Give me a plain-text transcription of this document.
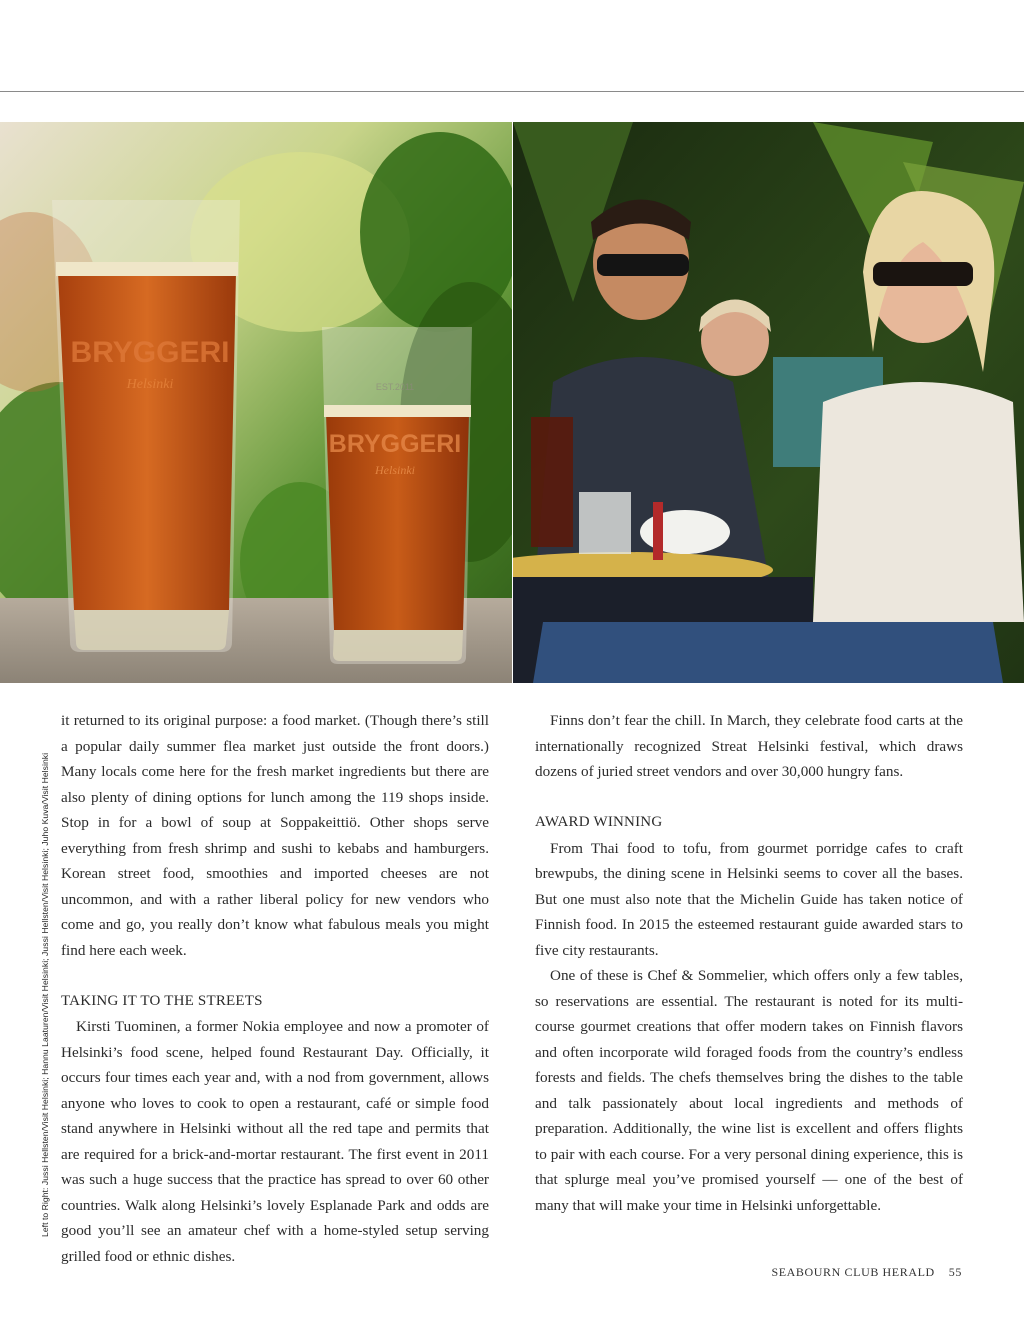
BRYGGERI
Helsinki	EST.2011
BRYGGERI
Helsinki
Left to Right: Jussi Hellsten/Visit Helsinki; Hannu Laaturen/Visit Helsinki; Jussi Hellsten/Visit Helsinki; Juho Kuva/Visit Helsinki

it returned to its original purpose: a food market. (Though there’s still a popular daily summer flea market just outside the front doors.) Many locals come here for the fresh market ingredients but there are also plenty of dining options for lunch among the 119 shops inside. Stop in for a bowl of soup at Soppakeittiö. Other shops serve everything from fresh shrimp and sushi to kebabs and hamburgers. Korean street food, smoothies and imported cheeses are not uncommon, and with a rather liberal policy for new vendors who come and go, you really don’t know what fabulous meals you might find here each week.

TAKING IT TO THE STREETS

Kirsti Tuominen, a former Nokia employee and now a promoter of Helsinki’s food scene, helped found Restaurant Day. Officially, it occurs four times each year and, with a nod from government, allows anyone who loves to cook to open a restaurant, café or simple food stand anywhere in Helsinki without all the red tape and permits that are required for a brick-and-mortar restaurant. The first event in 2011 was such a huge success that the practice has spread to over 60 other countries. Walk along Helsinki’s lovely Esplanade Park and odds are good you’ll see an amateur chef with a home-styled setup serving grilled food or ethnic dishes.

Finns don’t fear the chill. In March, they celebrate food carts at the internationally recognized Streat Helsinki festival, which draws dozens of juried street vendors and over 30,000 hungry fans.

AWARD WINNING

From Thai food to tofu, from gourmet porridge cafes to craft brewpubs, the dining scene in Helsinki seems to cover all the bases. But one must also note that the Michelin Guide has taken notice of Finnish food. In 2015 the esteemed restaurant guide awarded stars to five city restaurants.

One of these is Chef & Sommelier, which offers only a few tables, so reservations are essential. The restaurant is noted for its multi-course gourmet creations that offer modern takes on Finnish flavors and often incorporate wild foraged foods from the country’s endless forests and fields. The chefs themselves bring the dishes to the table and talk passionately about local ingredients and methods of preparation. Additionally, the wine list is excellent and offers flights to pair with each course. For a very personal dining experience, this is that splurge meal you’ve promised yourself — one of the best of many that will make your time in Helsinki unforgettable.

SEABOURN CLUB HERALD 55
